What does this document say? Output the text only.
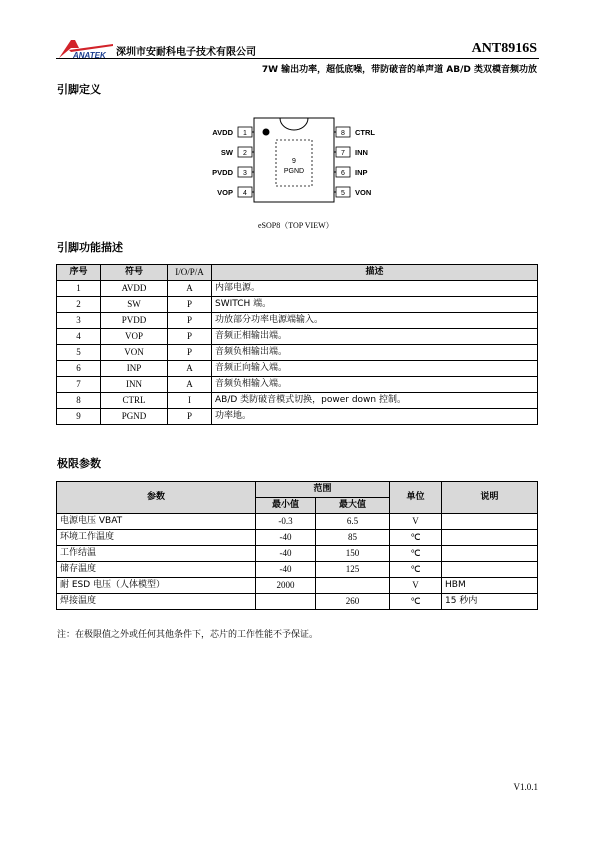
ANATEK 深圳市安耐科电子技术有限公司	ANT8916S
7W 输出功率，超低底噪，带防破音的单声道 AB/D 类双模音频功放
引脚定义
9
PGND
1
AVDD
2
SW
3
PVDD
4
VOP
8 CTRL
7 INN
6 INP
5 VON
eSOP8（TOP VIEW）
引脚功能描述
序号	符号	I/O/P/A	描述
1	AVDD	A	内部电源。
2	SW	P	SWITCH 端。
3	PVDD	P	功放部分功率电源端输入。
4	VOP	P	音频正相输出端。
5	VON	P	音频负相输出端。
6	INP	A	音频正向输入端。
7	INN	A	音频负相输入端。
8	CTRL	I	AB/D 类防破音模式切换，power down 控制。
9	PGND	P	功率地。
极限参数
参数	范围		单位	说明
	最小值	最大值		
电源电压 VBAT	-0.3	6.5	V	
环境工作温度	-40	85	℃	
工作结温	-40	150	℃	
储存温度	-40	125	℃	
耐 ESD 电压（人体模型）	2000		V	HBM
焊接温度		260	℃	15 秒内
注：在极限值之外或任何其他条件下，芯片的工作性能不予保证。
V1.0.1
